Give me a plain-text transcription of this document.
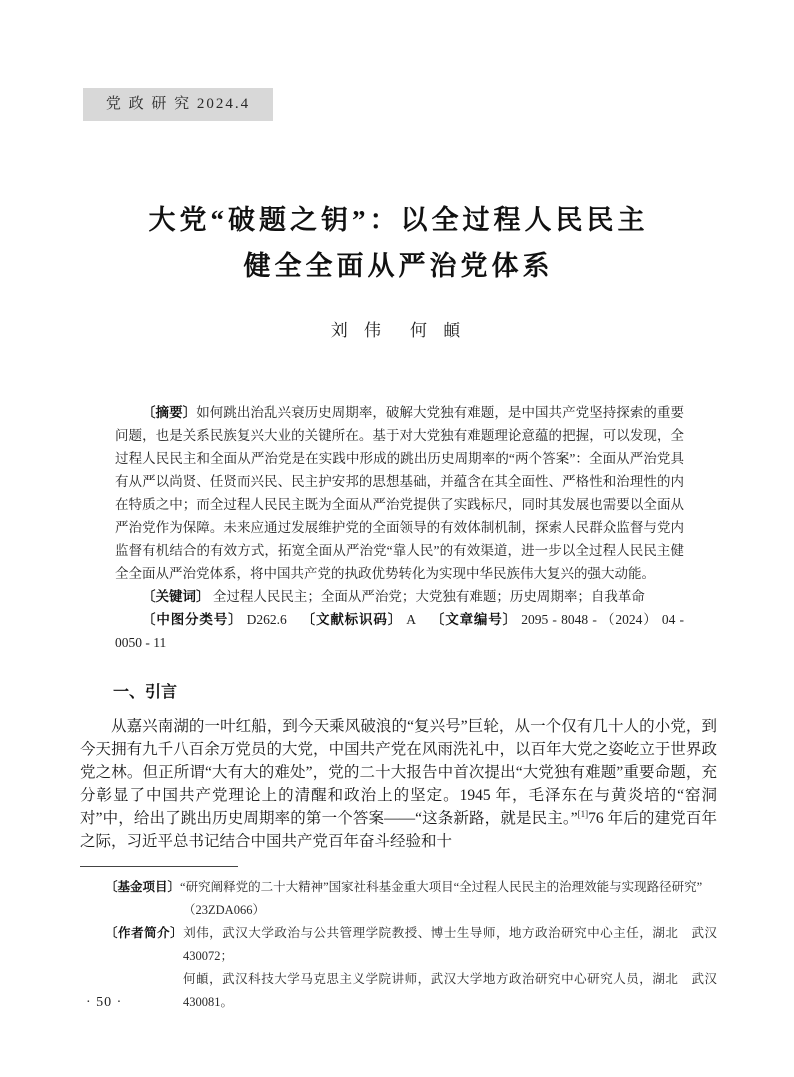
党 政 研 究 2024.4
大党“破题之钥”：以全过程人民民主
健全全面从严治党体系
刘 伟　何 頔

〔摘要〕如何跳出治乱兴衰历史周期率，破解大党独有难题，是中国共产党坚持探索的重要问题，也是关系民族复兴大业的关键所在。基于对大党独有难题理论意蕴的把握，可以发现，全过程人民民主和全面从严治党是在实践中形成的跳出历史周期率的“两个答案”：全面从严治党具有从严以尚贤、任贤而兴民、民主护安邦的思想基础，并蕴含在其全面性、严格性和治理性的内在特质之中；而全过程人民民主既为全面从严治党提供了实践标尺，同时其发展也需要以全面从严治党作为保障。未来应通过发展维护党的全面领导的有效体制机制，探索人民群众监督与党内监督有机结合的有效方式，拓宽全面从严治党“靠人民”的有效渠道，进一步以全过程人民民主健全全面从严治党体系，将中国共产党的执政优势转化为实现中华民族伟大复兴的强大动能。

〔关键词〕 全过程人民民主；全面从严治党；大党独有难题；历史周期率；自我革命

〔中图分类号〕 D262.6 〔文献标识码〕 A 〔文章编号〕 2095 - 8048 - （2024） 04 - 0050 - 11

一、引言

从嘉兴南湖的一叶红船，到今天乘风破浪的“复兴号”巨轮，从一个仅有几十人的小党，到今天拥有九千八百余万党员的大党，中国共产党在风雨洗礼中，以百年大党之姿屹立于世界政党之林。但正所谓“大有大的难处”，党的二十大报告中首次提出“大党独有难题”重要命题，充分彰显了中国共产党理论上的清醒和政治上的坚定。1945 年，毛泽东在与黄炎培的“窑洞对”中，给出了跳出历史周期率的第一个答案——“这条新路，就是民主。”[1]76 年后的建党百年之际，习近平总书记结合中国共产党百年奋斗经验和十

〔基金项目〕“研究阐释党的二十大精神”国家社科基金重大项目“全过程人民民主的治理效能与实现路径研究”
（23ZDA066）

〔作者简介〕刘伟，武汉大学政治与公共管理学院教授、博士生导师，地方政治研究中心主任，湖北　武汉　430072；
何頔，武汉科技大学马克思主义学院讲师，武汉大学地方政治研究中心研究人员，湖北　武汉　430081。

· 50 ·
